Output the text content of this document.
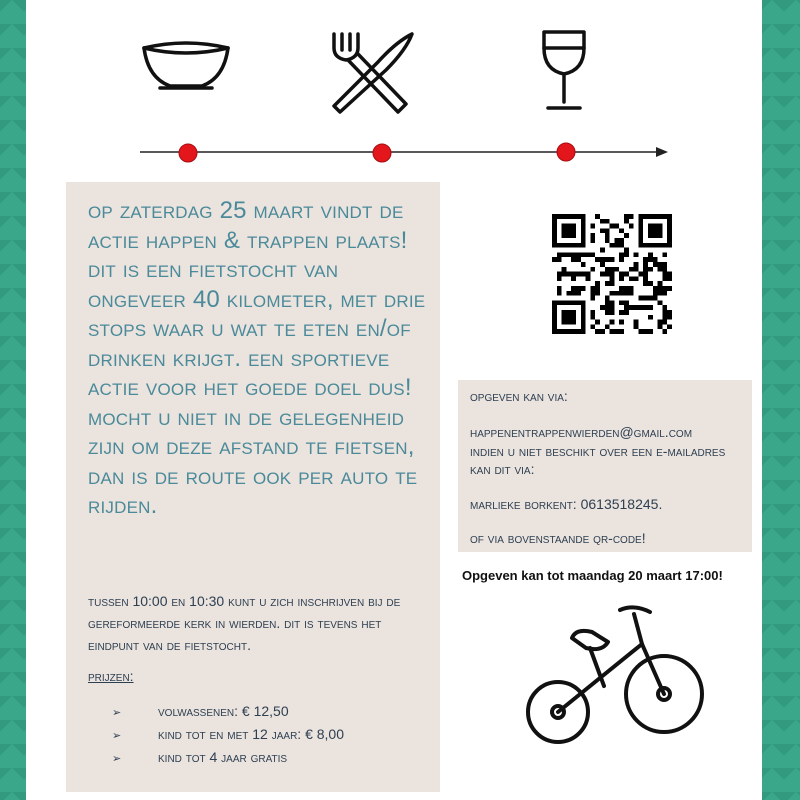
op zaterdag 25 maart vindt de actie happen & trappen plaats! dit is een fietstocht van ongeveer 40 kilometer, met drie stops waar u wat te eten en/of drinken krijgt. een sportieve actie voor het goede doel dus! mocht u niet in de gelegenheid zijn om deze afstand te fietsen, dan is de route ook per auto te rijden.
tussen 10:00 en 10:30 kunt u zich inschrijven bij de gereformeerde kerk in wierden. dit is tevens het eindpunt van de fietstocht.
prijzen:
➢	volwassenen: € 12,50
➢	kind tot en met 12 jaar: € 8,00
➢	kind tot 4 jaar gratis
opgeven kan via:
happenentrappenwierden@gmail.com
indien u niet beschikt over een e-mailadres kan dit via:
marlieke borkent: 0613518245.
of via bovenstaande qr-code!
Opgeven kan tot maandag 20 maart 17:00!
